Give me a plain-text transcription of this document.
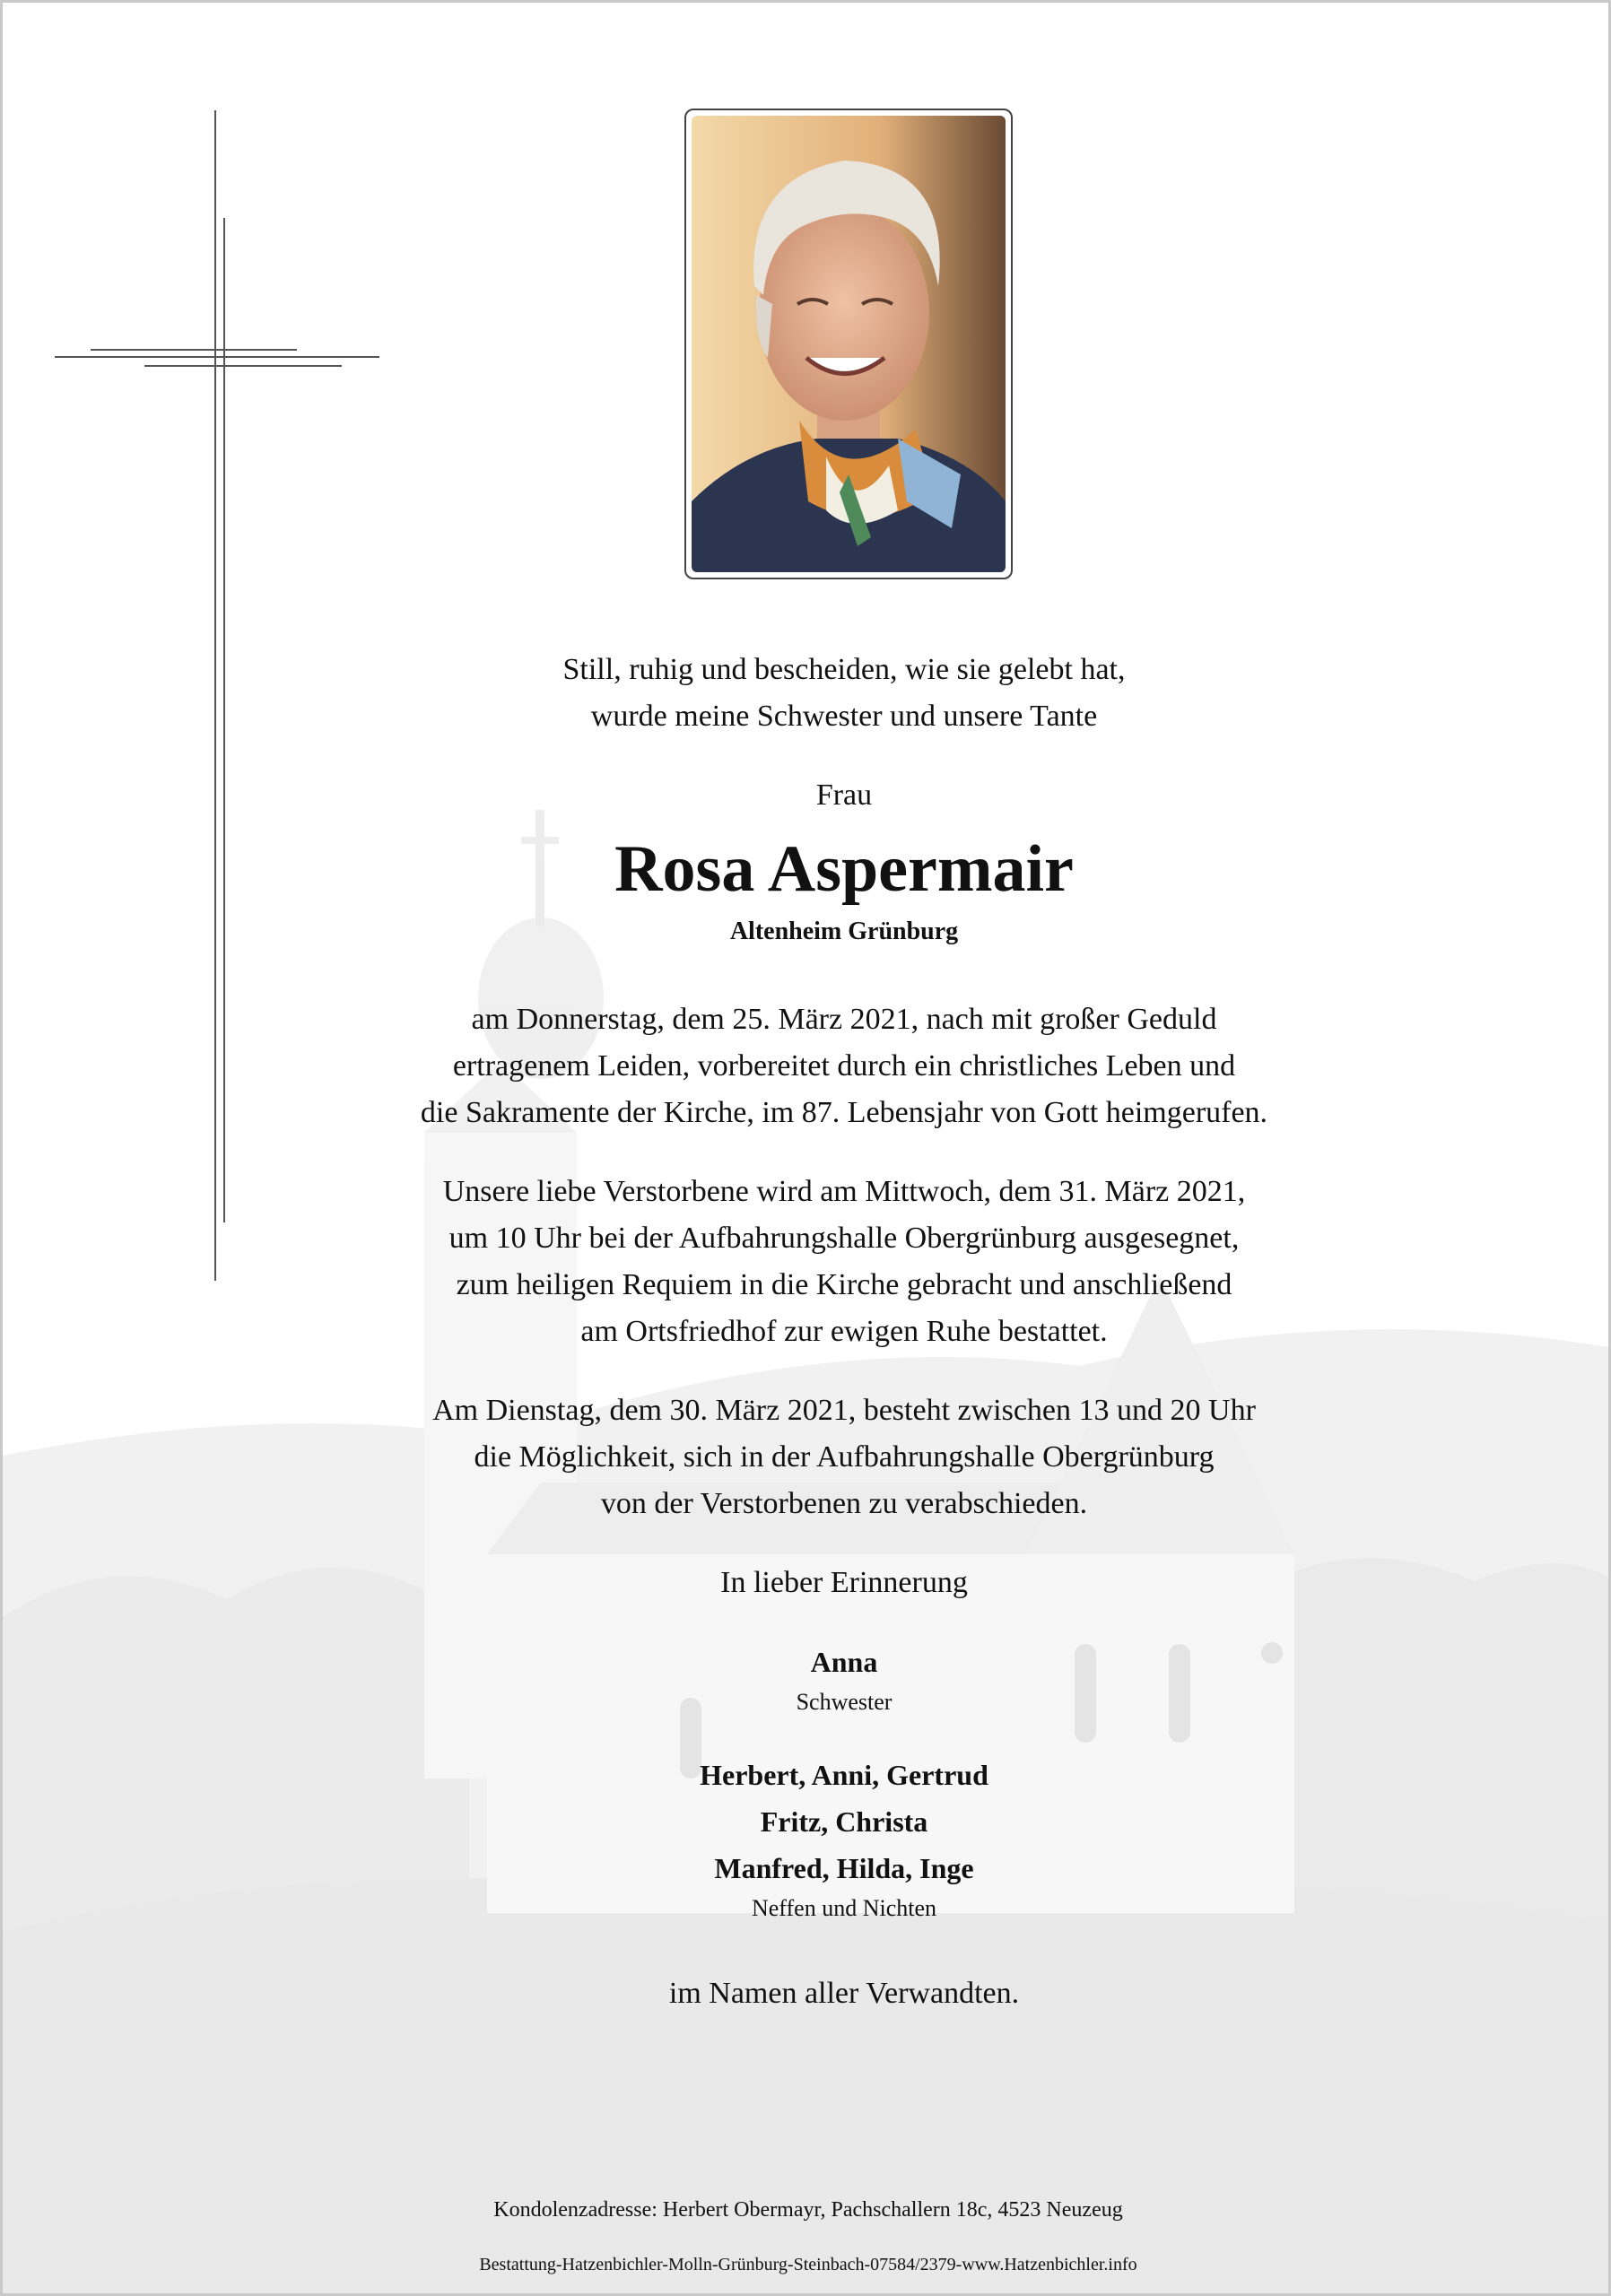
Still, ruhig und bescheiden, wie sie gelebt hat,

wurde meine Schwester und unsere Tante

Frau

Rosa Aspermair

Altenheim Grünburg

am Donnerstag, dem 25. März 2021, nach mit großer Geduld

ertragenem Leiden, vorbereitet durch ein christliches Leben und

die Sakramente der Kirche, im 87. Lebensjahr von Gott heimgerufen.

Unsere liebe Verstorbene wird am Mittwoch, dem 31. März 2021,

um 10 Uhr bei der Aufbahrungshalle Obergrünburg ausgesegnet,

zum heiligen Requiem in die Kirche gebracht und anschließend

am Ortsfriedhof zur ewigen Ruhe bestattet.

Am Dienstag, dem 30. März 2021, besteht zwischen 13 und 20 Uhr

die Möglichkeit, sich in der Aufbahrungshalle Obergrünburg

von der Verstorbenen zu verabschieden.

In lieber Erinnerung

Anna

Schwester

Herbert, Anni, Gertrud

Fritz, Christa

Manfred, Hilda, Inge

Neffen und Nichten

im Namen aller Verwandten.

Kondolenzadresse: Herbert Obermayr, Pachschallern 18c, 4523 Neuzeug

Bestattung-Hatzenbichler-Molln-Grünburg-Steinbach-07584/2379-www.Hatzenbichler.info
